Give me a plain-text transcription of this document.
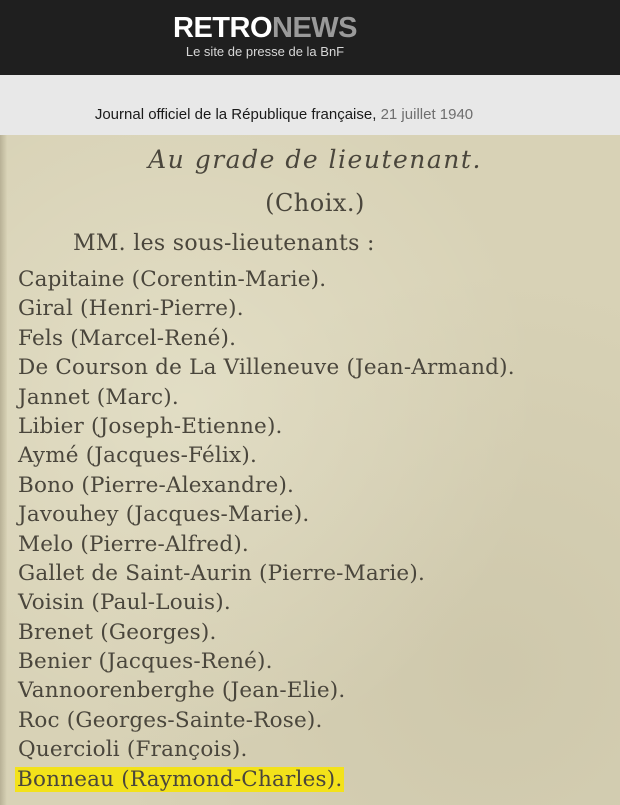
RETRONEWS
Le site de presse de la BnF
Journal officiel de la République française, 21 juillet 1940
Au grade de lieutenant.
(Choix.)
MM. les sous-lieutenants :
Capitaine (Corentin-Marie).
Giral (Henri-Pierre).
Fels (Marcel-René).
De Courson de La Villeneuve (Jean-Armand).
Jannet (Marc).
Libier (Joseph-Etienne).
Aymé (Jacques-Félix).
Bono (Pierre-Alexandre).
Javouhey (Jacques-Marie).
Melo (Pierre-Alfred).
Gallet de Saint-Aurin (Pierre-Marie).
Voisin (Paul-Louis).
Brenet (Georges).
Benier (Jacques-René).
Vannoorenberghe (Jean-Elie).
Roc (Georges-Sainte-Rose).
Quercioli (François).
Bonneau (Raymond-Charles).
